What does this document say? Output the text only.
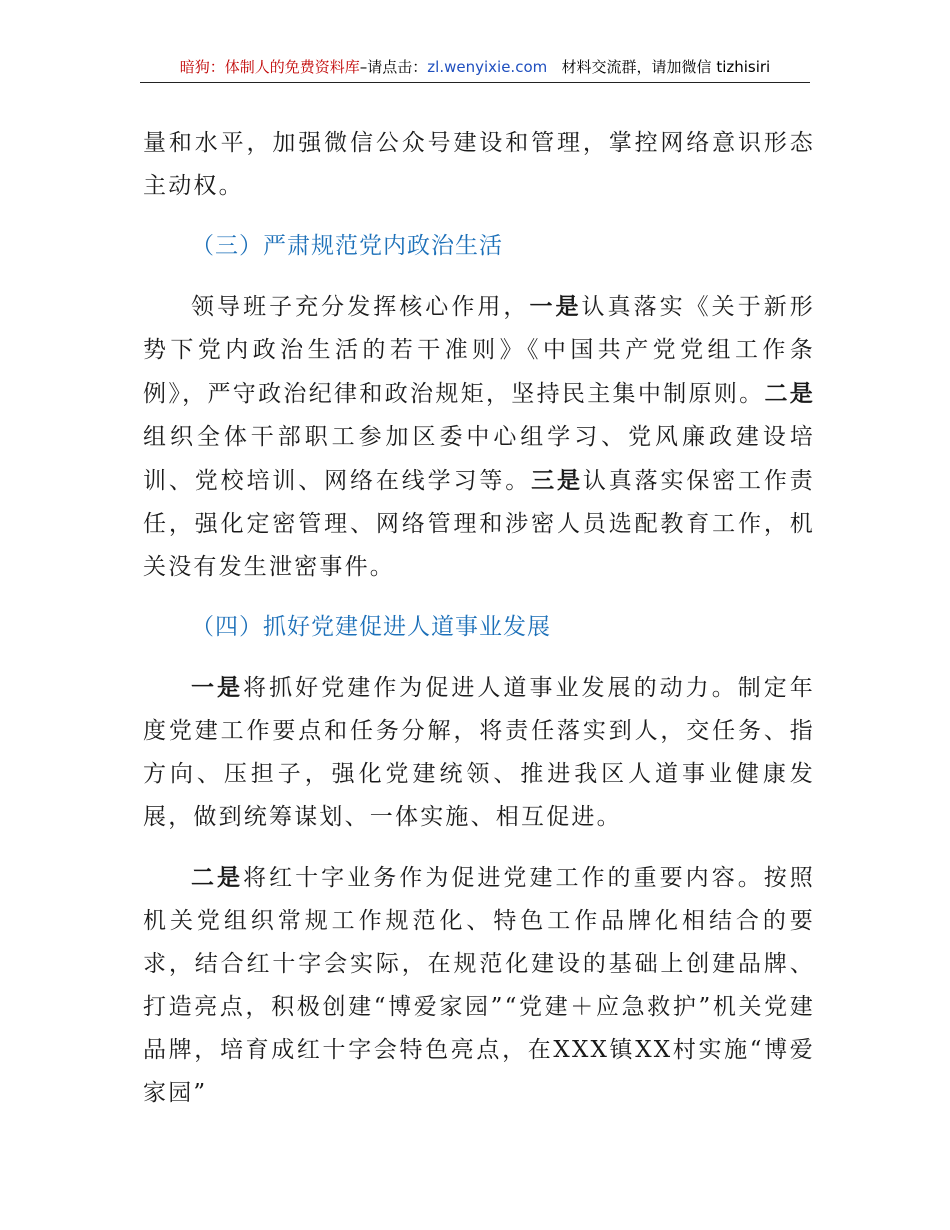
暗狗：体制人的免费资料库–请点击：zl.wenyixie.com 材料交流群，请加微信 tizhisiri

量和水平，加强微信公众号建设和管理，掌控网络意识形态主动权。

（三）严肃规范党内政治生活

领导班子充分发挥核心作用，一是认真落实《关于新形势下党内政治生活的若干准则》《中国共产党党组工作条例》，严守政治纪律和政治规矩，坚持民主集中制原则。二是组织全体干部职工参加区委中心组学习、党风廉政建设培训、党校培训、网络在线学习等。三是认真落实保密工作责任，强化定密管理、网络管理和涉密人员选配教育工作，机关没有发生泄密事件。

（四）抓好党建促进人道事业发展

一是将抓好党建作为促进人道事业发展的动力。制定年度党建工作要点和任务分解，将责任落实到人，交任务、指方向、压担子，强化党建统领、推进我区人道事业健康发展，做到统筹谋划、一体实施、相互促进。

二是将红十字业务作为促进党建工作的重要内容。按照机关党组织常规工作规范化、特色工作品牌化相结合的要求，结合红十字会实际，在规范化建设的基础上创建品牌、打造亮点，积极创建“博爱家园”“党建＋应急救护”机关党建品牌，培育成红十字会特色亮点，在XXX镇XX村实施“博爱家园”
